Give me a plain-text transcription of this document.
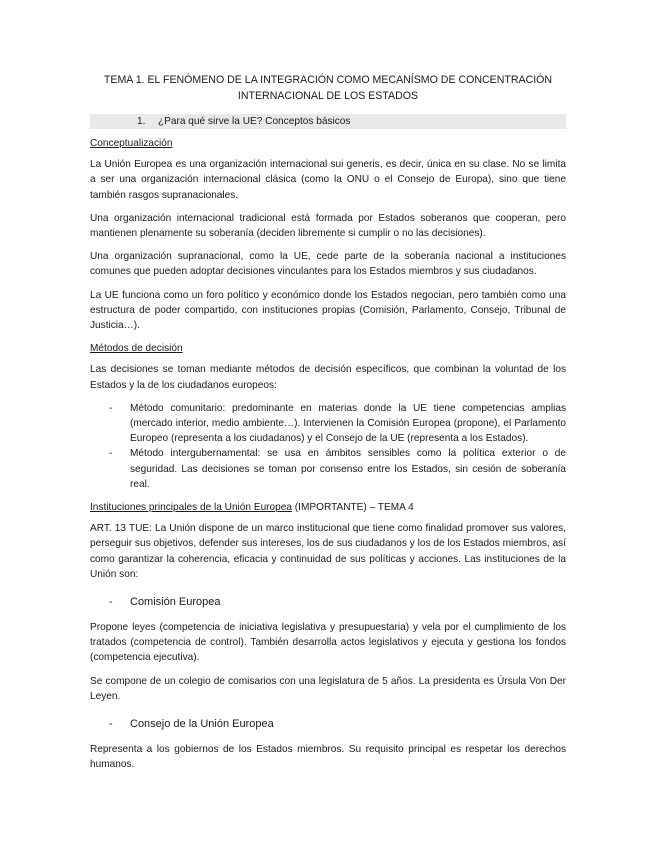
TEMA 1. EL FENÓMENO DE LA INTEGRACIÓN COMO MECANÍSMO DE CONCENTRACIÓN INTERNACIONAL DE LOS ESTADOS
1. ¿Para qué sirve la UE? Conceptos básicos

Conceptualización

La Unión Europea es una organización internacional sui generis, es decir, única en su clase. No se limita a ser una organización internacional clásica (como la ONU o el Consejo de Europa), sino que tiene también rasgos supranacionales.

Una organización internacional tradicional está formada por Estados soberanos que cooperan, pero mantienen plenamente su soberanía (deciden libremente si cumplir o no las decisiones).

Una organización supranacional, como la UE, cede parte de la soberanía nacional a instituciones comunes que pueden adoptar decisiones vinculantes para los Estados miembros y sus ciudadanos.

La UE funciona como un foro político y económico donde los Estados negocian, pero también como una estructura de poder compartido, con instituciones propias (Comisión, Parlamento, Consejo, Tribunal de Justicia…).

Métodos de decisión

Las decisiones se toman mediante métodos de decisión específicos, que combinan la voluntad de los Estados y la de los ciudadanos europeos:

- Método comunitario: predominante en materias donde la UE tiene competencias amplias (mercado interior, medio ambiente…). Intervienen la Comisión Europea (propone), el Parlamento Europeo (representa a los ciudadanos) y el Consejo de la UE (representa a los Estados).
- Método intergubernamental: se usa en ámbitos sensibles como la política exterior o de seguridad. Las decisiones se toman por consenso entre los Estados, sin cesión de soberanía real.

Instituciones principales de la Unión Europea (IMPORTANTE) – TEMA 4

ART. 13 TUE: La Unión dispone de un marco institucional que tiene como finalidad promover sus valores, perseguir sus objetivos, defender sus intereses, los de sus ciudadanos y los de los Estados miembros, así como garantizar la coherencia, eficacia y continuidad de sus políticas y acciones. Las instituciones de la Unión son:

- Comisión Europea

Propone leyes (competencia de iniciativa legislativa y presupuestaria) y vela por el cumplimiento de los tratados (competencia de control). También desarrolla actos legislativos y ejecuta y gestiona los fondos (competencia ejecutiva).

Se compone de un colegio de comisarios con una legislatura de 5 años. La presidenta es Úrsula Von Der Leyen.

- Consejo de la Unión Europea

Representa a los gobiernos de los Estados miembros. Su requisito principal es respetar los derechos humanos.
